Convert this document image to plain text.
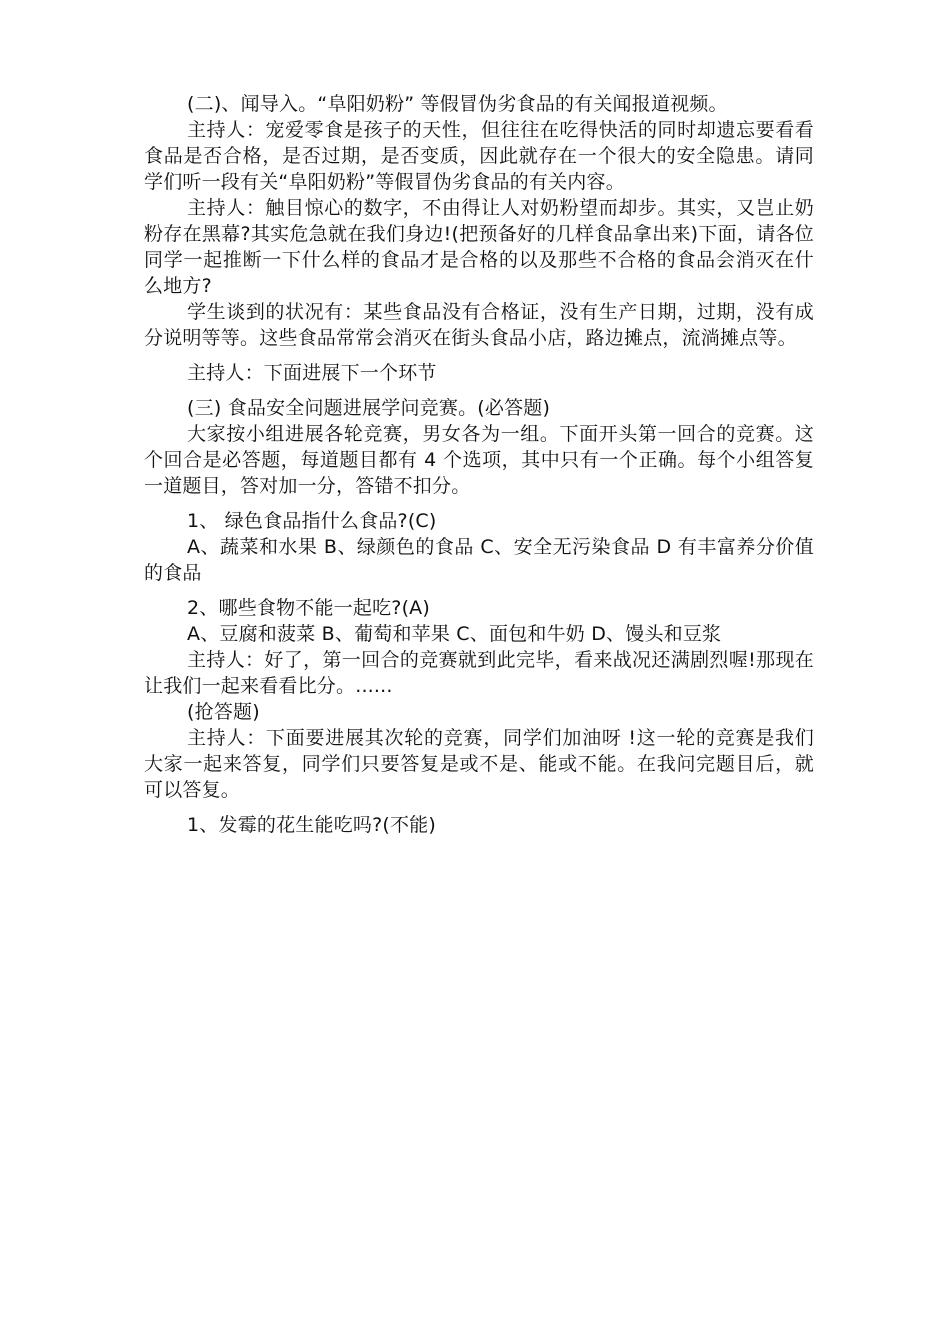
(二)、闻导入。“阜阳奶粉” 等假冒伪劣食品的有关闻报道视频。

主持人：宠爱零食是孩子的天性，但往往在吃得快活的同时却遗忘要看看食品是否合格，是否过期，是否变质，因此就存在一个很大的安全隐患。请同学们听一段有关“阜阳奶粉”等假冒伪劣食品的有关内容。

主持人：触目惊心的数字，不由得让人对奶粉望而却步。其实，又岂止奶粉存在黑幕?其实危急就在我们身边!(把预备好的几样食品拿出来)下面，请各位同学一起推断一下什么样的食品才是合格的以及那些不合格的食品会消灭在什么地方?

学生谈到的状况有：某些食品没有合格证，没有生产日期，过期，没有成分说明等等。这些食品常常会消灭在街头食品小店，路边摊点，流淌摊点等。

主持人：下面进展下一个环节

(三) 食品安全问题进展学问竞赛。(必答题)

大家按小组进展各轮竞赛，男女各为一组。下面开头第一回合的竞赛。这个回合是必答题，每道题目都有 4 个选项，其中只有一个正确。每个小组答复一道题目，答对加一分，答错不扣分。

1、 绿色食品指什么食品?(C)

A、蔬菜和水果 B、绿颜色的食品 C、安全无污染食品 D 有丰富养分价值的食品

2、哪些食物不能一起吃?(A)

A、豆腐和菠菜 B、葡萄和苹果 C、面包和牛奶 D、馒头和豆浆

主持人：好了，第一回合的竞赛就到此完毕，看来战况还满剧烈喔!那现在让我们一起来看看比分。......

(抢答题)

主持人：下面要进展其次轮的竞赛，同学们加油呀 !这一轮的竞赛是我们大家一起来答复，同学们只要答复是或不是、能或不能。在我问完题目后，就可以答复。

1、发霉的花生能吃吗?(不能)
